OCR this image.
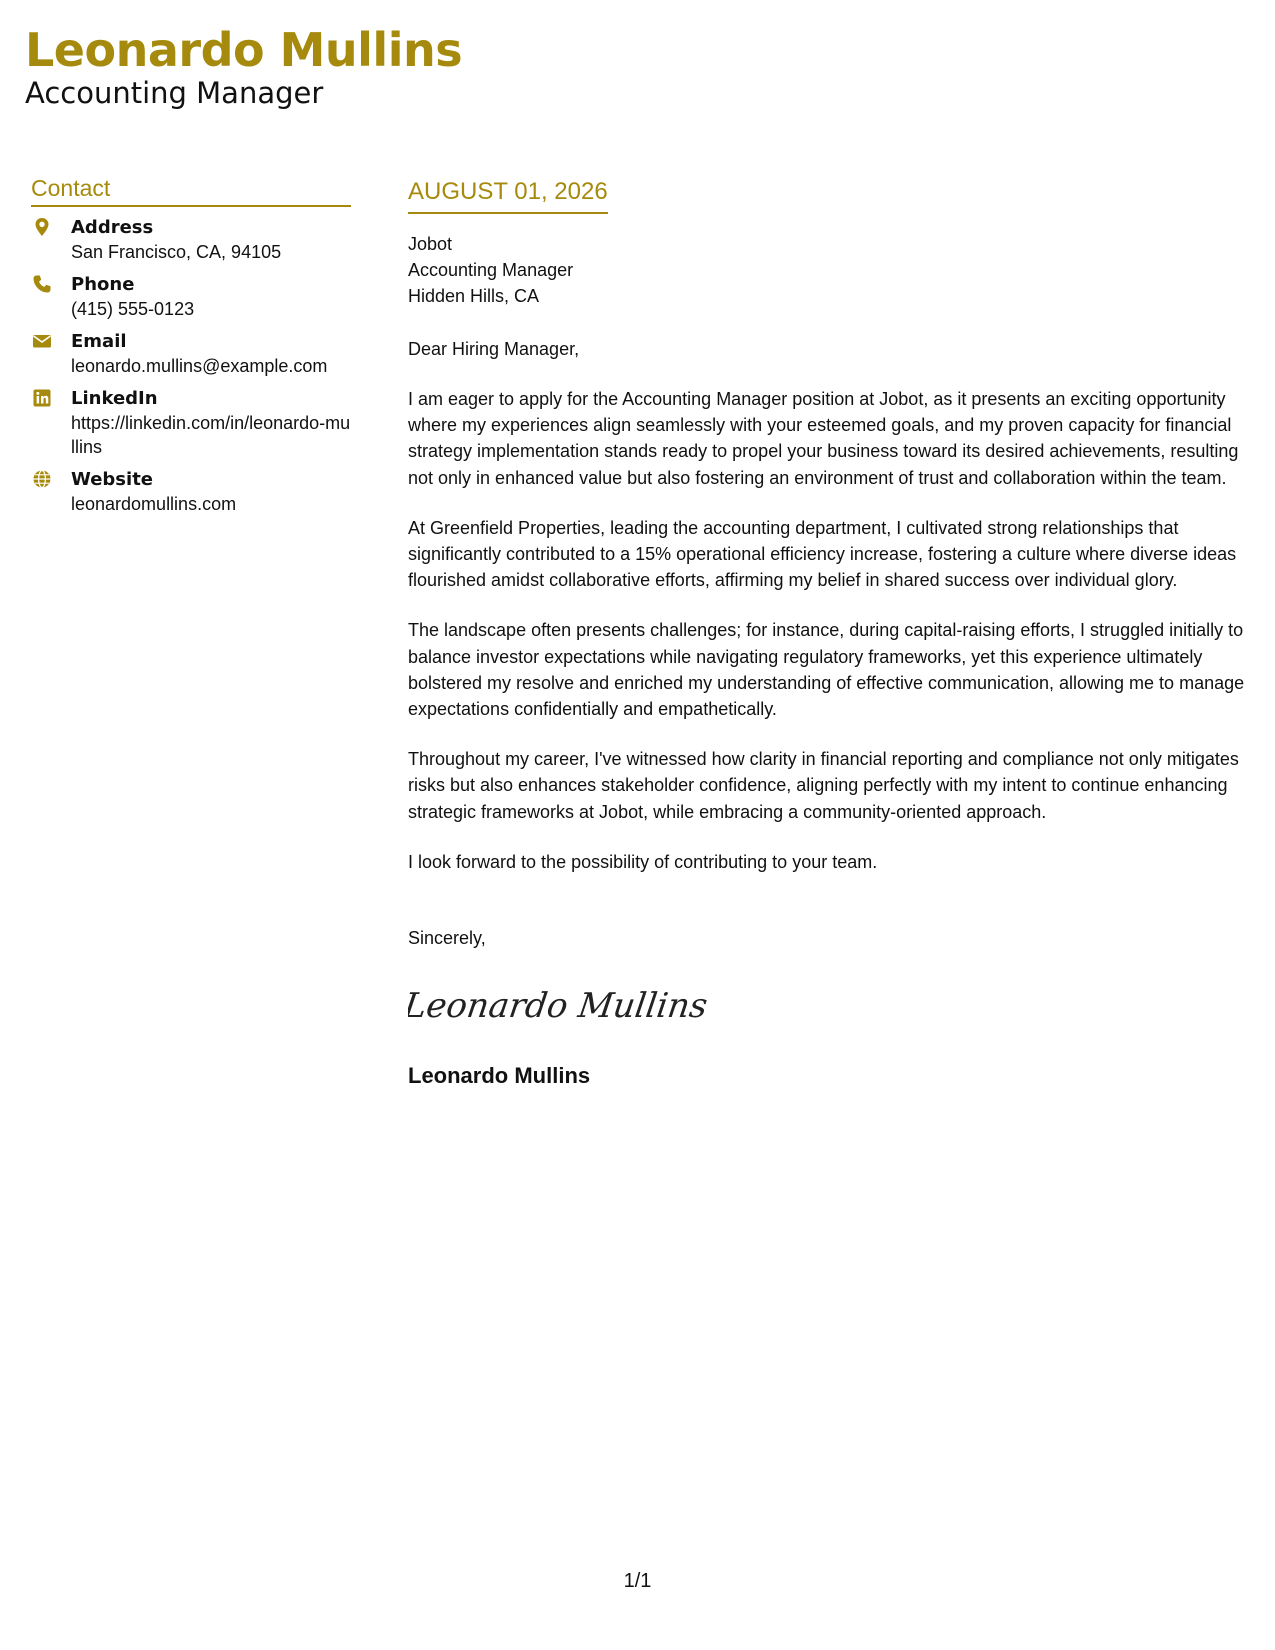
Leonardo Mullins
Accounting Manager
Contact
Address
San Francisco, CA, 94105
Phone
(415) 555-0123
Email
leonardo.mullins@example.com
LinkedIn
https://linkedin.com/in/leonardo-mullins
Website
leonardomullins.com
AUGUST 01, 2026
Jobot
Accounting Manager
Hidden Hills, CA
Dear Hiring Manager,
I am eager to apply for the Accounting Manager position at Jobot, as it presents an exciting opportunity where my experiences align seamlessly with your esteemed goals, and my proven capacity for financial strategy implementation stands ready to propel your business toward its desired achievements, resulting not only in enhanced value but also fostering an environment of trust and collaboration within the team.
At Greenfield Properties, leading the accounting department, I cultivated strong relationships that significantly contributed to a 15% operational efficiency increase, fostering a culture where diverse ideas flourished amidst collaborative efforts, affirming my belief in shared success over individual glory.
The landscape often presents challenges; for instance, during capital-raising efforts, I struggled initially to balance investor expectations while navigating regulatory frameworks, yet this experience ultimately bolstered my resolve and enriched my understanding of effective communication, allowing me to manage expectations confidentially and empathetically.
Throughout my career, I've witnessed how clarity in financial reporting and compliance not only mitigates risks but also enhances stakeholder confidence, aligning perfectly with my intent to continue enhancing strategic frameworks at Jobot, while embracing a community-oriented approach.
I look forward to the possibility of contributing to your team.
Sincerely,
Leonardo Mullins
Leonardo Mullins
1/1
